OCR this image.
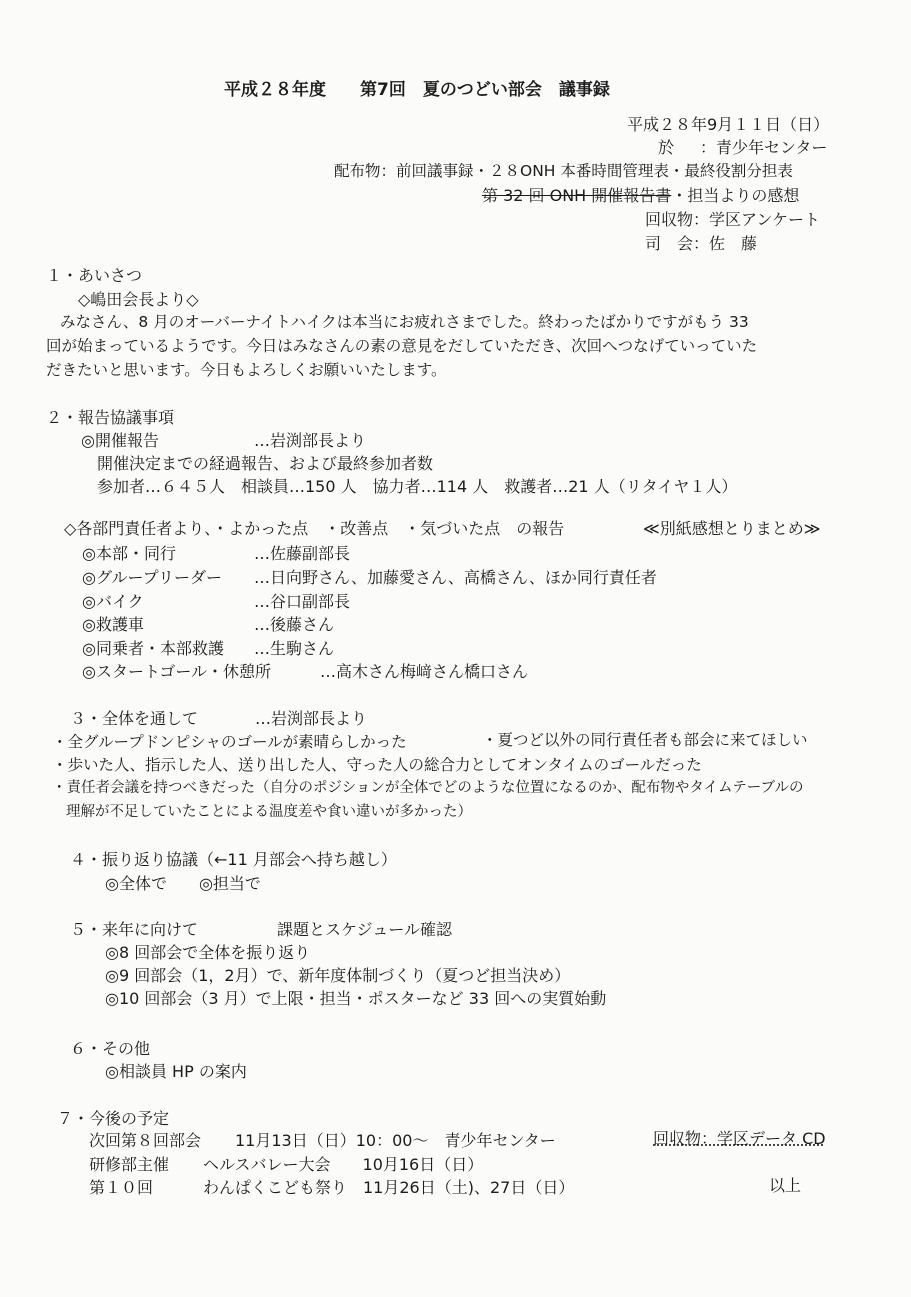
平成２８年度　　第7回　夏のつどい部会　議事録
平成２８年9月１１日（日）
於 ：青少年センター
配布物：前回議事録・２８ONH 本番時間管理表・最終役割分担表
第 32 回 ONH 開催報告書・担当よりの感想
回収物：学区アンケート
司　会：佐　藤
１・あいさつ
◇嶋田会長より◇
みなさん、8 月のオーバーナイトハイクは本当にお疲れさまでした。終わったばかりですがもう 33
回が始まっているようです。今日はみなさんの素の意見をだしていただき、次回へつなげていっていた
だきたいと思います。今日もよろしくお願いいたします。
２・報告協議事項
◎開催報告	…岩渕部長より
開催決定までの経過報告、および最終参加者数
参加者…６４５人　相談員…150 人　協力者…114 人　救護者…21 人（リタイヤ１人）
◇各部門責任者より、・よかった点　・改善点　・気づいた点　の報告	≪別紙感想とりまとめ≫
◎本部・同行	…佐藤副部長
◎グループリーダー …日向野さん、加藤愛さん、高橋さん、ほか同行責任者
◎バイク	…谷口副部長
◎救護車	…後藤さん
◎同乗者・本部救護 …生駒さん
◎スタートゴール・休憩所	…高木さん梅﨑さん橋口さん
３・全体を通して	…岩渕部長より
・全グループドンピシャのゴールが素晴らしかった	・夏つど以外の同行責任者も部会に来てほしい
・歩いた人、指示した人、送り出した人、守った人の総合力としてオンタイムのゴールだった
・責任者会議を持つべきだった（自分のポジションが全体でどのような位置になるのか、配布物やタイムテーブルの
理解が不足していたことによる温度差や食い違いが多かった）
４・振り返り協議（←11 月部会へ持ち越し）
◎全体で　　◎担当で
５・来年に向けて	課題とスケジュール確認
◎8 回部会で全体を振り返り
◎9 回部会（1，2月）で、新年度体制づくり（夏つど担当決め）
◎10 回部会（3 月）で上限・担当・ポスターなど 33 回への実質始動
６・その他
◎相談員 HP の案内
７・今後の予定
次回第８回部会 11月13日（日）10：00～　青少年センター	回収物：学区データ CD
研修部主催 ヘルスバレー大会　　10月16日（日）
第１０回	わんぱくこども祭り　11月26日（土)、27日（日）	以上
